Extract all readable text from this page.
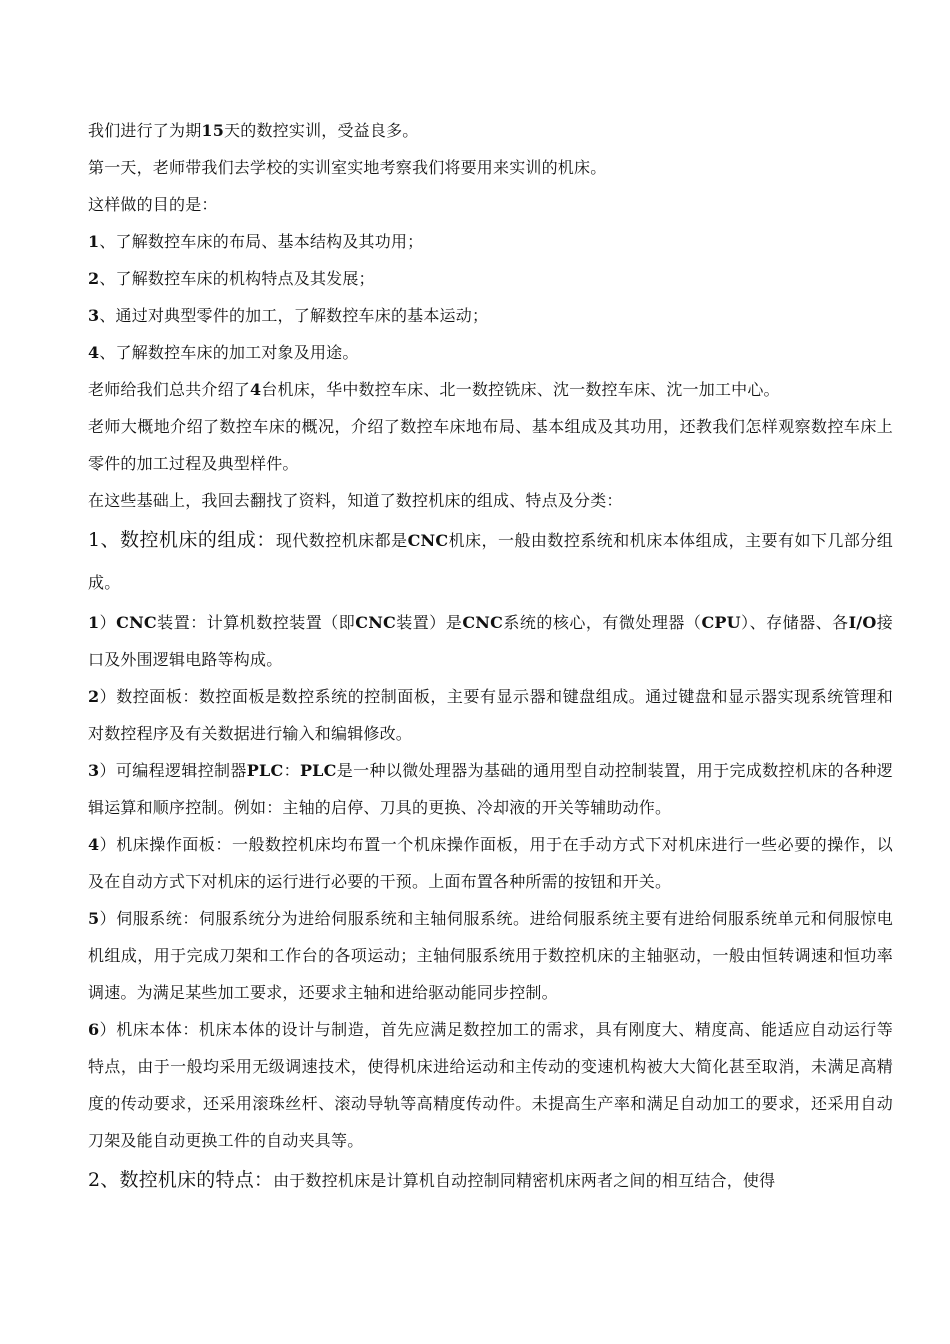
我们进行了为期15天的数控实训，受益良多。

第一天，老师带我们去学校的实训室实地考察我们将要用来实训的机床。

这样做的目的是：

1、了解数控车床的布局、基本结构及其功用；

2、了解数控车床的机构特点及其发展；

3、通过对典型零件的加工，了解数控车床的基本运动；

4、了解数控车床的加工对象及用途。

老师给我们总共介绍了4台机床，华中数控车床、北一数控铣床、沈一数控车床、沈一加工中心。

老师大概地介绍了数控车床的概况，介绍了数控车床地布局、基本组成及其功用，还教我们怎样观察数控车床上零件的加工过程及典型样件。

在这些基础上，我回去翻找了资料，知道了数控机床的组成、特点及分类：

1、数控机床的组成：现代数控机床都是CNC机床，一般由数控系统和机床本体组成，主要有如下几部分组成。

1）CNC装置：计算机数控装置（即CNC装置）是CNC系统的核心，有微处理器（CPU）、存储器、各I/O接口及外围逻辑电路等构成。

2）数控面板：数控面板是数控系统的控制面板，主要有显示器和键盘组成。通过键盘和显示器实现系统管理和对数控程序及有关数据进行输入和编辑修改。

3）可编程逻辑控制器PLC：PLC是一种以微处理器为基础的通用型自动控制装置，用于完成数控机床的各种逻辑运算和顺序控制。例如：主轴的启停、刀具的更换、冷却液的开关等辅助动作。

4）机床操作面板：一般数控机床均布置一个机床操作面板，用于在手动方式下对机床进行一些必要的操作，以及在自动方式下对机床的运行进行必要的干预。上面布置各种所需的按钮和开关。

5）伺服系统：伺服系统分为进给伺服系统和主轴伺服系统。进给伺服系统主要有进给伺服系统单元和伺服惊电机组成，用于完成刀架和工作台的各项运动；主轴伺服系统用于数控机床的主轴驱动，一般由恒转调速和恒功率调速。为满足某些加工要求，还要求主轴和进给驱动能同步控制。

6）机床本体：机床本体的设计与制造，首先应满足数控加工的需求，具有刚度大、精度高、能适应自动运行等特点，由于一般均采用无级调速技术，使得机床进给运动和主传动的变速机构被大大简化甚至取消，未满足高精度的传动要求，还采用滚珠丝杆、滚动导轨等高精度传动件。未提高生产率和满足自动加工的要求，还采用自动刀架及能自动更换工件的自动夹具等。

2、数控机床的特点：由于数控机床是计算机自动控制同精密机床两者之间的相互结合，使得
